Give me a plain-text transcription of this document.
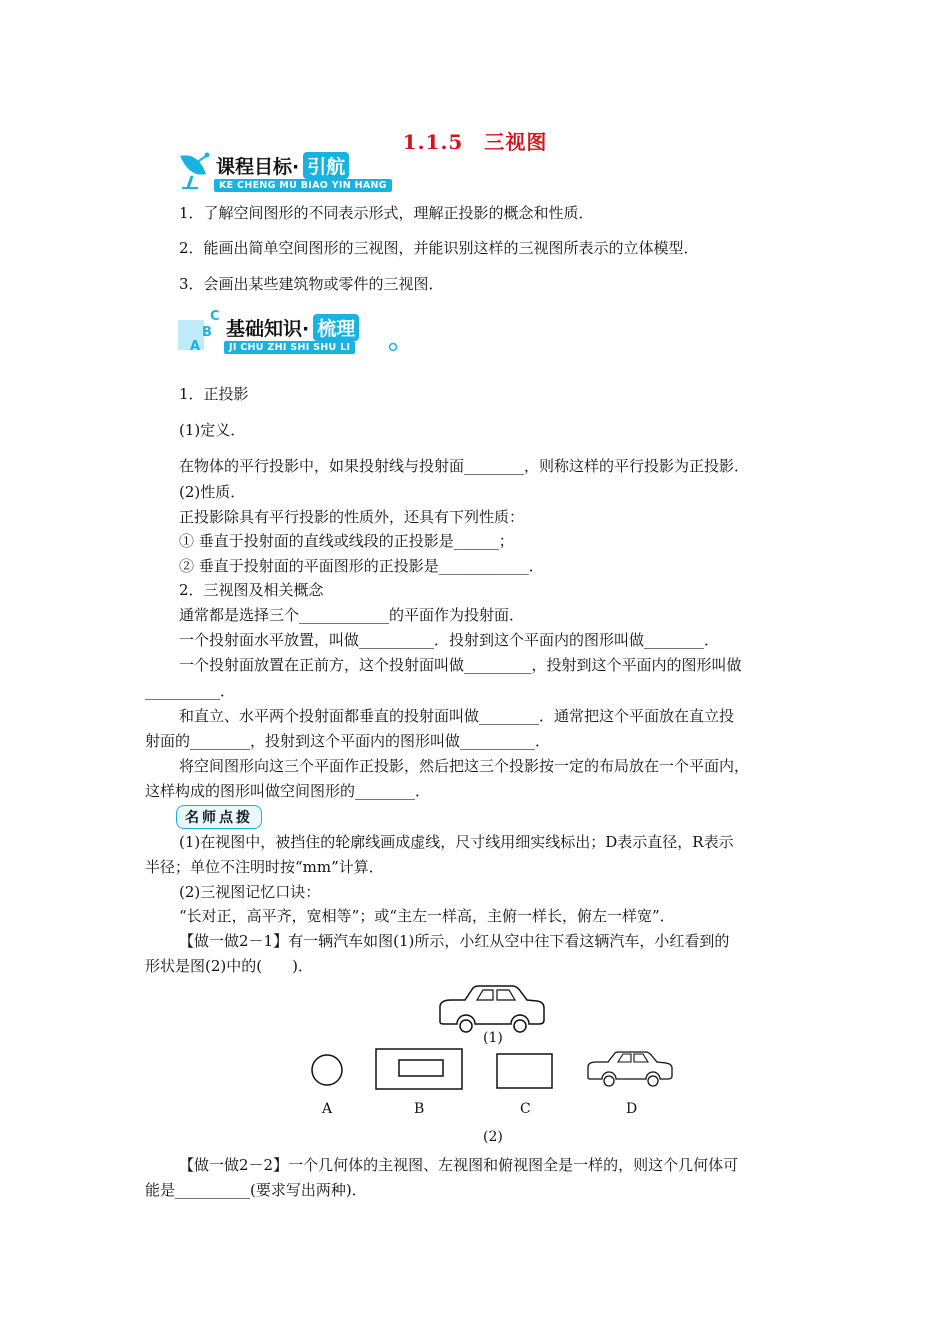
1.1.5　三视图
课程目标· 引航
KE CHENG MU BIAO YIN HANG
1．了解空间图形的不同表示形式，理解正投影的概念和性质．
2．能画出简单空间图形的三视图，并能识别这样的三视图所表示的立体模型．
3．会画出某些建筑物或零件的三视图．
C
B
A
基础知识· 梳理
JI CHU ZHI SHI SHU LI
1．正投影
(1)定义．
在物体的平行投影中，如果投射线与投射面________，则称这样的平行投影为正投影．
(2)性质．
正投影除具有平行投影的性质外，还具有下列性质：
① 垂直于投射面的直线或线段的正投影是______；
② 垂直于投射面的平面图形的正投影是____________．
2．三视图及相关概念
通常都是选择三个____________的平面作为投射面．
一个投射面水平放置，叫做__________．投射到这个平面内的图形叫做________．
一个投射面放置在正前方，这个投射面叫做_________，投射到这个平面内的图形叫做
__________．
和直立、水平两个投射面都垂直的投射面叫做________．通常把这个平面放在直立投
射面的________，投射到这个平面内的图形叫做__________．
将空间图形向这三个平面作正投影，然后把这三个投影按一定的布局放在一个平面内，
这样构成的图形叫做空间图形的________．
名师点拨
(1)在视图中，被挡住的轮廓线画成虚线，尺寸线用细实线标出；D表示直径，R表示
半径；单位不注明时按“mm”计算．
(2)三视图记忆口诀：
“长对正，高平齐，宽相等”；或“主左一样高，主俯一样长，俯左一样宽”．
【做一做2－1】有一辆汽车如图(1)所示，小红从空中往下看这辆汽车，小红看到的
形状是图(2)中的(　　)．
(1)
A	B	C	D
(2)
【做一做2－2】一个几何体的主视图、左视图和俯视图全是一样的，则这个几何体可
能是__________(要求写出两种)．
